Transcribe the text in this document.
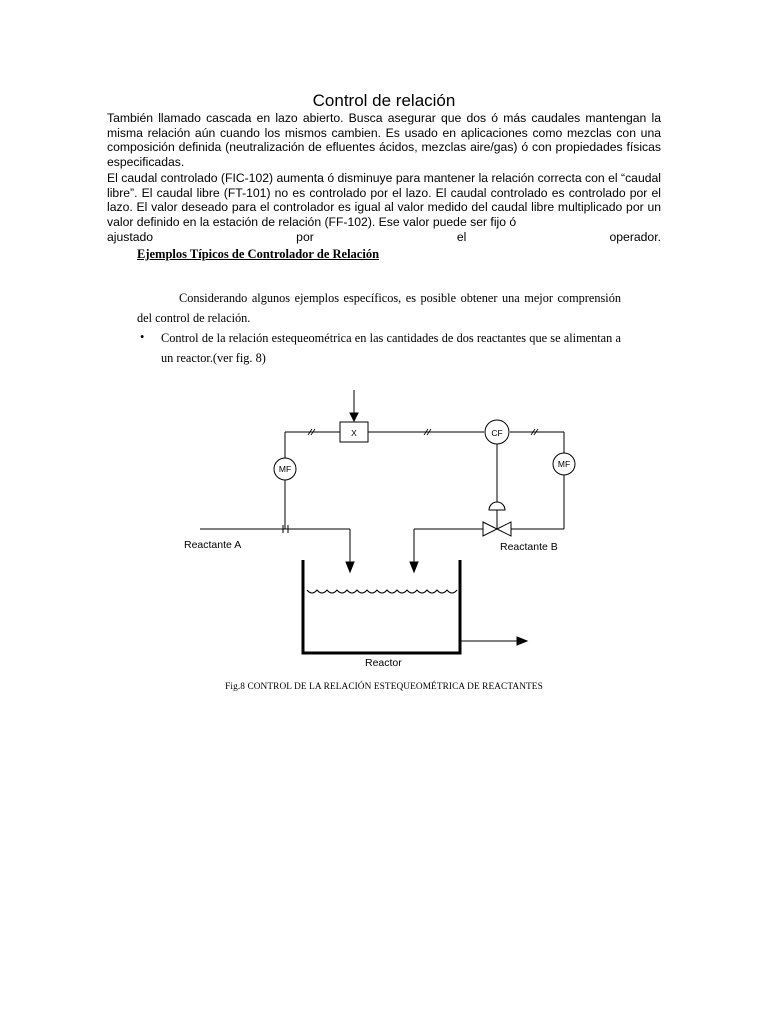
Control de relación
También llamado cascada en lazo abierto. Busca asegurar que dos ó más caudales mantengan la misma relación aún cuando los mismos cambien. Es usado en aplicaciones como mezclas con una composición definida (neutralización de efluentes ácidos, mezclas aire/gas) ó con propiedades físicas especificadas.
El caudal controlado (FIC-102) aumenta ó disminuye para mantener la relación correcta con el “caudal libre”. El caudal libre (FT-101) no es controlado por el lazo. El caudal controlado es controlado por el lazo. El valor deseado para el controlador es igual al valor medido del caudal libre multiplicado por un valor definido en la estación de relación (FF-102). Ese valor puede ser fijo ó
ajustado	por	el	operador.
Ejemplos Típicos de Controlador de Relación
Considerando algunos ejemplos específicos, es posible obtener una mejor comprensión del control de relación.
• Control de la relación estequeométrica en las cantidades de dos reactantes que se alimentan a un reactor.(ver fig. 8)
X	CF
MF	MF
Reactante A	Reactante B
Reactor
Fig.8 CONTROL DE LA RELACIÓN ESTEQUEOMÉTRICA DE REACTANTES
